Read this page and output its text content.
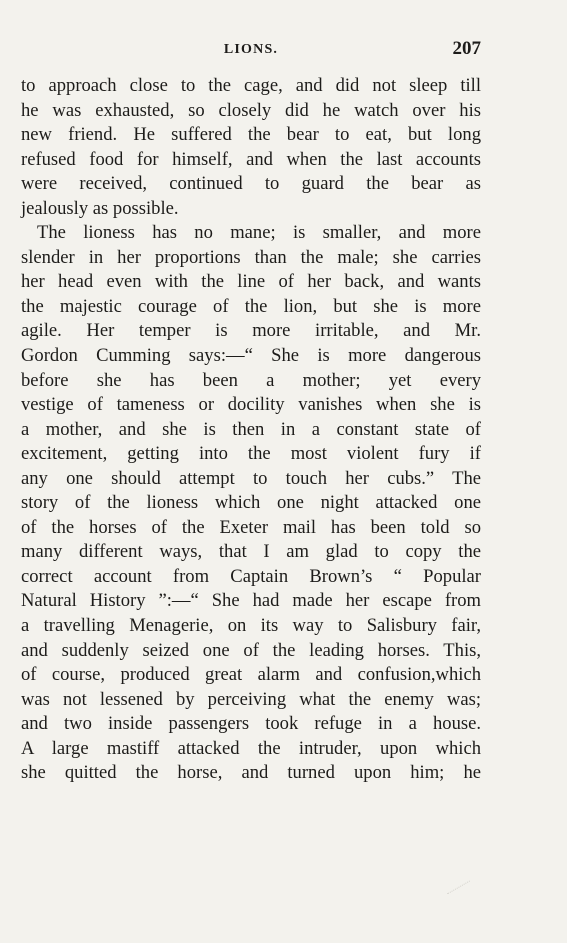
LIONS.	207
to approach close to the cage, and did not sleep till
he was exhausted, so closely did he watch over his
new friend. He suffered the bear to eat, but long
refused food for himself, and when the last accounts
were received, continued to guard the bear as
jealously as possible.
The lioness has no mane; is smaller, and more
slender in her proportions than the male; she carries
her head even with the line of her back, and wants
the majestic courage of the lion, but she is more
agile. Her temper is more irritable, and Mr.
Gordon Cumming says:—“ She is more dangerous
before she has been a mother; yet every
vestige of tameness or docility vanishes when she is
a mother, and she is then in a constant state of
excitement, getting into the most violent fury if
any one should attempt to touch her cubs.” The
story of the lioness which one night attacked one
of the horses of the Exeter mail has been told so
many different ways, that I am glad to copy the
correct account from Captain Brown’s “ Popular
Natural History ”:—“ She had made her escape from
a travelling Menagerie, on its way to Salisbury fair,
and suddenly seized one of the leading horses. This,
of course, produced great alarm and confusion,which
was not lessened by perceiving what the enemy was;
and two inside passengers took refuge in a house.
A large mastiff attacked the intruder, upon which
she quitted the horse, and turned upon him; he
